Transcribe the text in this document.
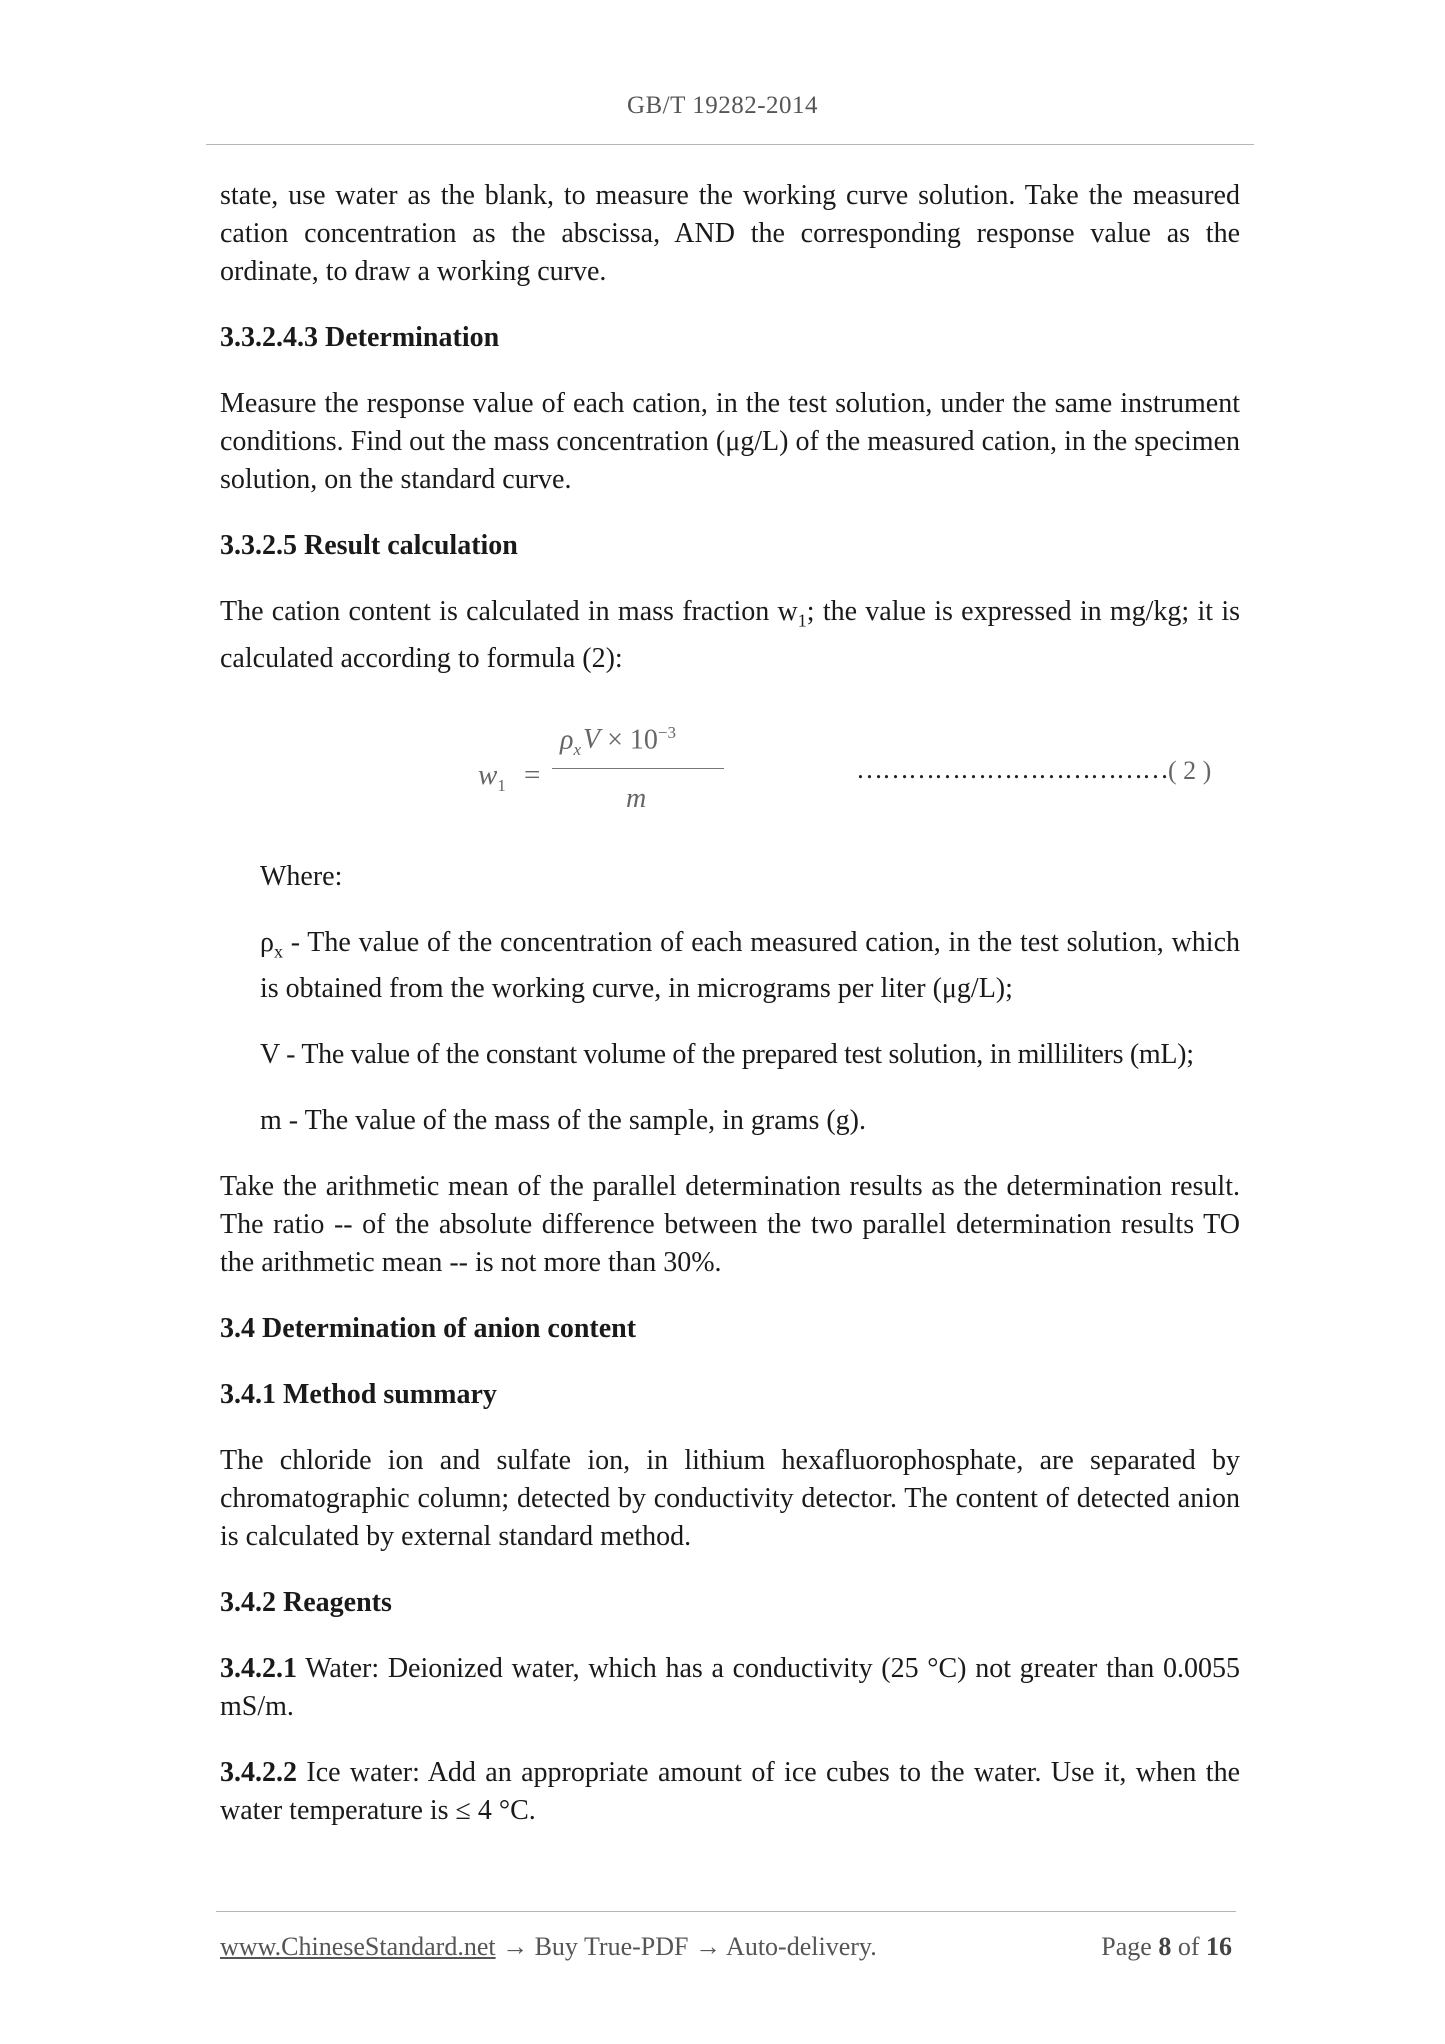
GB/T 19282-2014

state, use water as the blank, to measure the working curve solution. Take the measured cation concentration as the abscissa, AND the corresponding response value as the ordinate, to draw a working curve.

3.3.2.4.3 Determination

Measure the response value of each cation, in the test solution, under the same instrument conditions. Find out the mass concentration (μg/L) of the measured cation, in the specimen solution, on the standard curve.

3.3.2.5 Result calculation

The cation content is calculated in mass fraction $w_1$; the value is expressed in mg/kg; it is calculated according to formula (2):

$w_1$ =
$\rho_xV \times 10^{-3}$
m
……………………………… ( 2 )

Where:

$\rho_x$ - The value of the concentration of each measured cation, in the test solution, which is obtained from the working curve, in micrograms per liter (μg/L);

V - The value of the constant volume of the prepared test solution, in milliliters (mL);

m - The value of the mass of the sample, in grams (g).

Take the arithmetic mean of the parallel determination results as the determination result. The ratio -- of the absolute difference between the two parallel determination results TO the arithmetic mean -- is not more than 30%.

3.4 Determination of anion content

3.4.1 Method summary

The chloride ion and sulfate ion, in lithium hexafluorophosphate, are separated by chromatographic column; detected by conductivity detector. The content of detected anion is calculated by external standard method.

3.4.2 Reagents

3.4.2.1 Water: Deionized water, which has a conductivity (25 °C) not greater than 0.0055 mS/m.

3.4.2.2 Ice water: Add an appropriate amount of ice cubes to the water. Use it, when the water temperature is ≤ 4 °C.

www.ChineseStandard.net → Buy True-PDF → Auto-delivery.	Page 8 of 16
